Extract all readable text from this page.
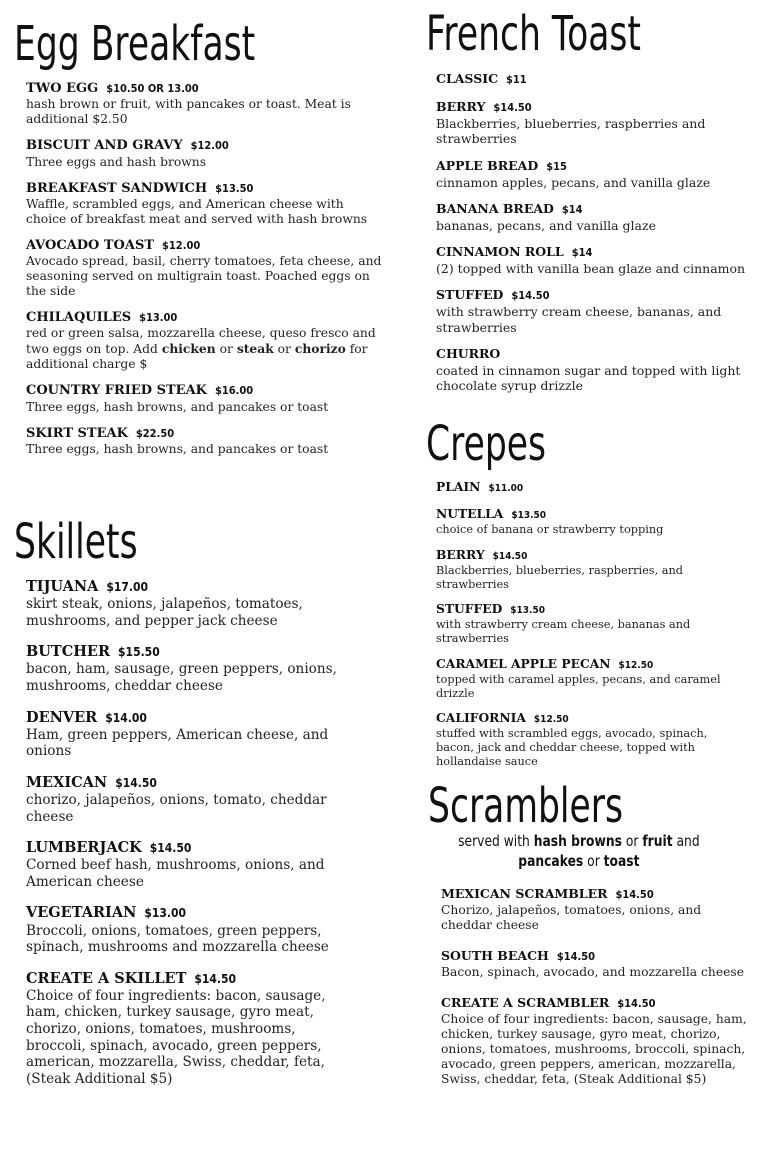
Egg Breakfast
TWO EGG $10.50 OR 13.00
hash brown or fruit, with pancakes or toast. Meat is additional $2.50
BISCUIT AND GRAVY $12.00
Three eggs and hash browns
BREAKFAST SANDWICH $13.50
Waffle, scrambled eggs, and American cheese with choice of breakfast meat and served with hash browns
AVOCADO TOAST $12.00
Avocado spread, basil, cherry tomatoes, feta cheese, and seasoning served on multigrain toast. Poached eggs on the side
CHILAQUILES $13.00
red or green salsa, mozzarella cheese, queso fresco and two eggs on top. Add chicken or steak or chorizo for additional charge $
COUNTRY FRIED STEAK $16.00
Three eggs, hash browns, and pancakes or toast
SKIRT STEAK $22.50
Three eggs, hash browns, and pancakes or toast
Skillets
TIJUANA $17.00
skirt steak, onions, jalapeños, tomatoes, mushrooms, and pepper jack cheese
BUTCHER $15.50
bacon, ham, sausage, green peppers, onions, mushrooms, cheddar cheese
DENVER $14.00
Ham, green peppers, American cheese, and onions
MEXICAN $14.50
chorizo, jalapeños, onions, tomato, cheddar cheese
LUMBERJACK $14.50
Corned beef hash, mushrooms, onions, and American cheese
VEGETARIAN $13.00
Broccoli, onions, tomatoes, green peppers, spinach, mushrooms and mozzarella cheese
CREATE A SKILLET $14.50
Choice of four ingredients: bacon, sausage, ham, chicken, turkey sausage, gyro meat, chorizo, onions, tomatoes, mushrooms, broccoli, spinach, avocado, green peppers, american, mozzarella, Swiss, cheddar, feta, (Steak Additional $5)
French Toast
CLASSIC $11
BERRY $14.50
Blackberries, blueberries, raspberries and strawberries
APPLE BREAD $15
cinnamon apples, pecans, and vanilla glaze
BANANA BREAD $14
bananas, pecans, and vanilla glaze
CINNAMON ROLL $14
(2) topped with vanilla bean glaze and cinnamon
STUFFED $14.50
with strawberry cream cheese, bananas, and strawberries
CHURRO
coated in cinnamon sugar and topped with light chocolate syrup drizzle
Crepes
PLAIN $11.00
NUTELLA $13.50
choice of banana or strawberry topping
BERRY $14.50
Blackberries, blueberries, raspberries, and strawberries
STUFFED $13.50
with strawberry cream cheese, bananas and strawberries
CARAMEL APPLE PECAN $12.50
topped with caramel apples, pecans, and caramel drizzle
CALIFORNIA $12.50
stuffed with scrambled eggs, avocado, spinach, bacon, jack and cheddar cheese, topped with hollandaise sauce
Scramblers
served with hash browns or fruit and
pancakes or toast
MEXICAN SCRAMBLER $14.50
Chorizo, jalapeños, tomatoes, onions, and cheddar cheese
SOUTH BEACH $14.50
Bacon, spinach, avocado, and mozzarella cheese
CREATE A SCRAMBLER $14.50
Choice of four ingredients: bacon, sausage, ham, chicken, turkey sausage, gyro meat, chorizo, onions, tomatoes, mushrooms, broccoli, spinach, avocado, green peppers, american, mozzarella, Swiss, cheddar, feta, (Steak Additional $5)
